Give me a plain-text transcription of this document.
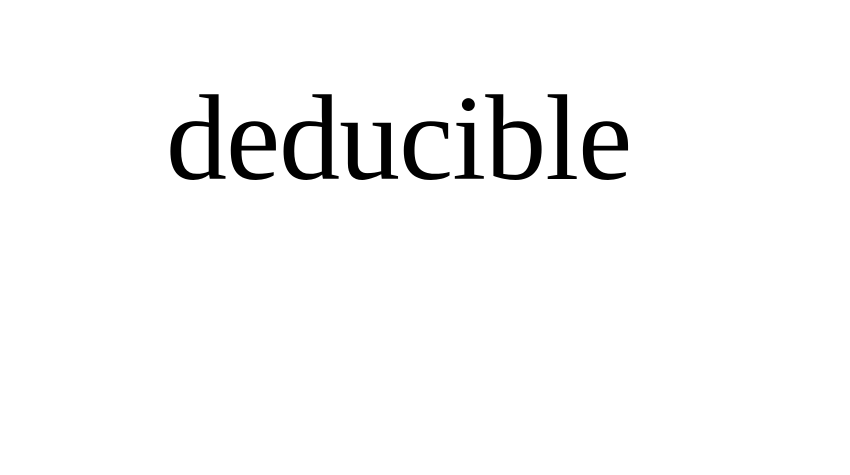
deducible
